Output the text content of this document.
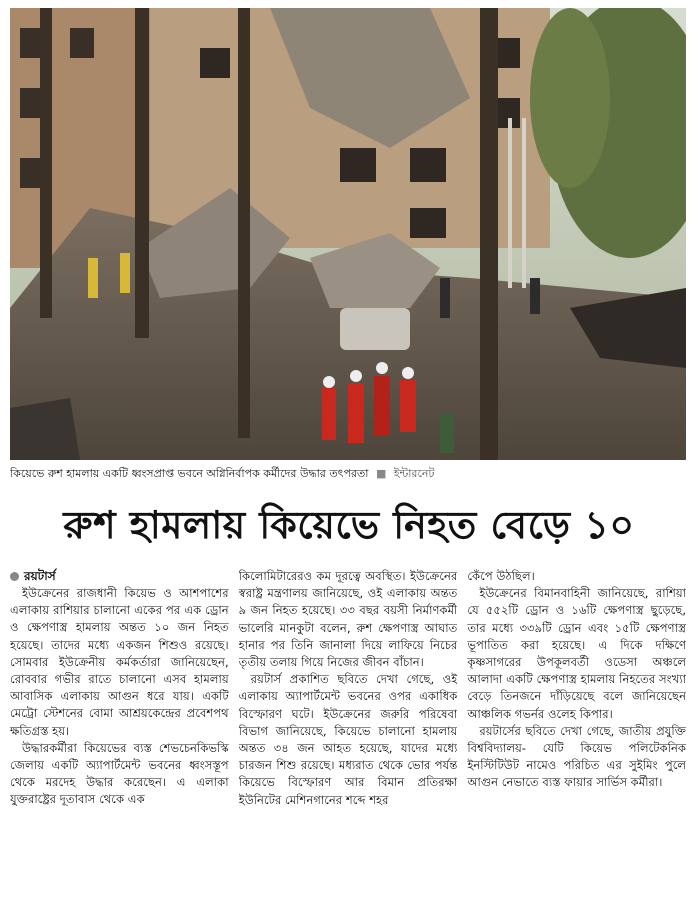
কিয়েভে রুশ হামলায় একটি ধ্বংসপ্রাপ্ত ভবনে অগ্নিনির্বাপক কর্মীদের উদ্ধার তৎপরতা ■ ইন্টারনেট
রুশ হামলায় কিয়েভে নিহত বেড়ে ১০
রয়টার্স

ইউক্রেনের রাজধানী কিয়েভ ও আশপাশের এলাকায় রাশিয়ার চালানো একের পর এক ড্রোন ও ক্ষেপণাস্ত্র হামলায় অন্তত ১০ জন নিহত হয়েছে। তাদের মধ্যে একজন শিশুও রয়েছে। সোমবার ইউক্রেনীয় কর্মকর্তারা জানিয়েছেন, রোববার গভীর রাতে চালানো এসব হামলায় আবাসিক এলাকায় আগুন ধরে যায়। একটি মেট্রো স্টেশনের বোমা আশ্রয়কেন্দ্রের প্রবেশপথ ক্ষতিগ্রস্ত হয়।

উদ্ধারকর্মীরা কিয়েভের ব্যস্ত শেভচেনকিভস্কি জেলায় একটি অ্যাপার্টমেন্ট ভবনের ধ্বংসস্তূপ থেকে মরদেহ উদ্ধার করেছেন। এ এলাকা যুক্তরাষ্ট্রের দূতাবাস থেকে এক

কিলোমিটারেরও কম দূরত্বে অবস্থিত। ইউক্রেনের স্বরাষ্ট্র মন্ত্রণালয় জানিয়েছে, ওই এলাকায় অন্তত ৯ জন নিহত হয়েছে। ৩৩ বছর বয়সী নির্মাণকর্মী ভালেরি মানকুটা বলেন, রুশ ক্ষেপণাস্ত্র আঘাত হানার পর তিনি জানালা দিয়ে লাফিয়ে নিচের তৃতীয় তলায় গিয়ে নিজের জীবন বাঁচান।

রয়টার্স প্রকাশিত ছবিতে দেখা গেছে, ওই এলাকায় অ্যাপার্টমেন্ট ভবনের ওপর একাধিক বিস্ফোরণ ঘটে। ইউক্রেনের জরুরি পরিষেবা বিভাগ জানিয়েছে, কিয়েভে চালানো হামলায় অন্তত ৩৪ জন আহত হয়েছে, যাদের মধ্যে চারজন শিশু রয়েছে। মধ্যরাত থেকে ভোর পর্যন্ত কিয়েভে বিস্ফোরণ আর বিমান প্রতিরক্ষা ইউনিটের মেশিনগানের শব্দে শহর

কেঁপে উঠছিল।

ইউক্রেনের বিমানবাহিনী জানিয়েছে, রাশিয়া যে ৫৫২টি ড্রোন ও ১৬টি ক্ষেপণাস্ত্র ছুড়েছে, তার মধ্যে ৩৩৯টি ড্রোন এবং ১৫টি ক্ষেপণাস্ত্র ভূপাতিত করা হয়েছে। এ দিকে দক্ষিণে কৃষ্ণসাগরের উপকূলবর্তী ওডেসা অঞ্চলে আলাদা একটি ক্ষেপণাস্ত্র হামলায় নিহতের সংখ্যা বেড়ে তিনজনে দাঁড়িয়েছে বলে জানিয়েছেন আঞ্চলিক গভর্নর ওলেহ কিপার।

রয়টার্সের ছবিতে দেখা গেছে, জাতীয় প্রযুক্তি বিশ্ববিদ্যালয়- যেটি কিয়েভ পলিটেকনিক ইনস্টিটিউট নামেও পরিচিত এর সুইমিং পুলে আগুন নেভাতে ব্যস্ত ফায়ার সার্ভিস কর্মীরা।
